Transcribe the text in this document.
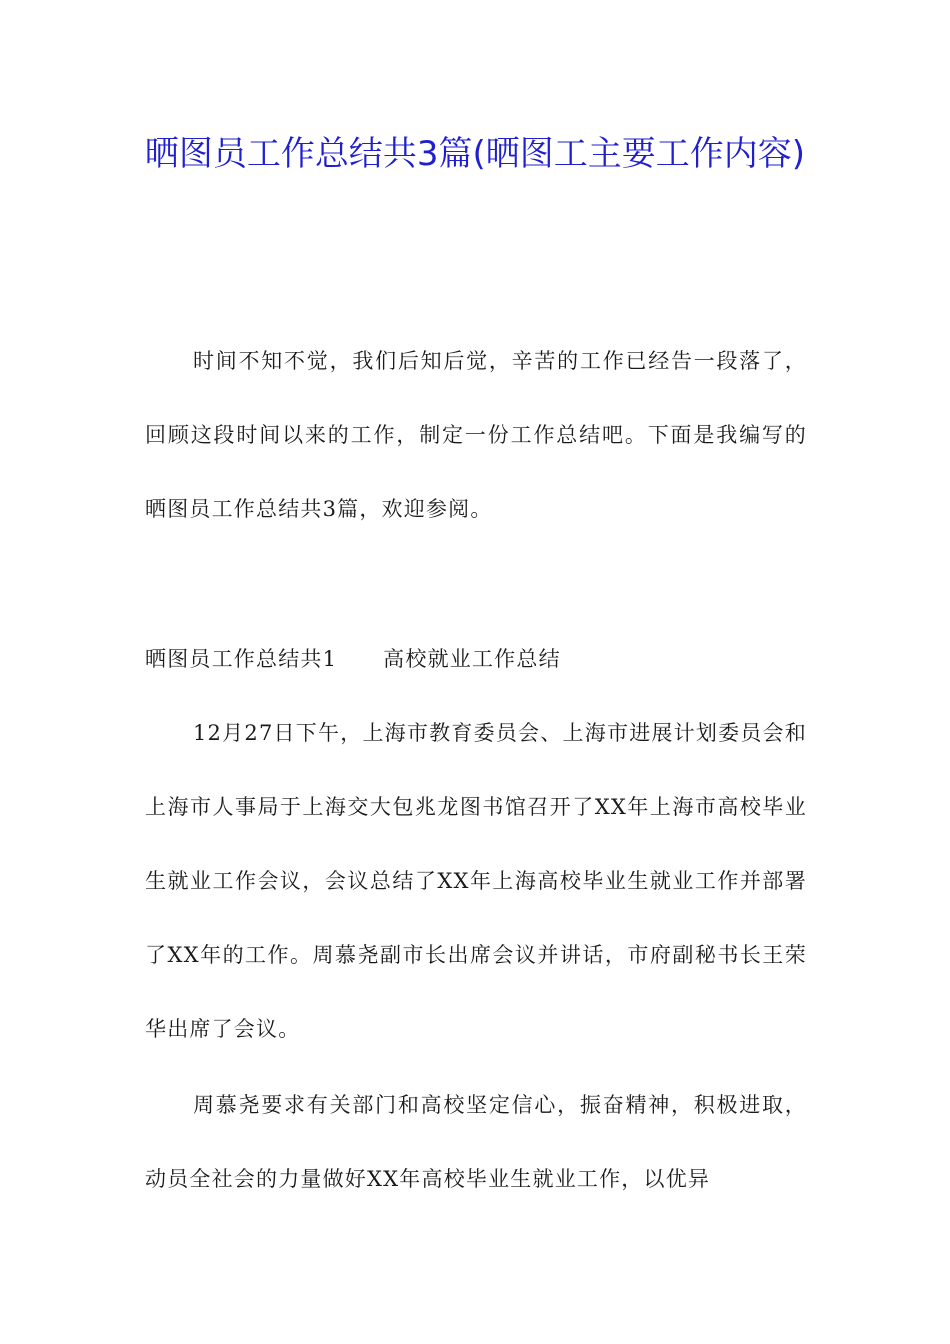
晒图员工作总结共3篇(晒图工主要工作内容)

时间不知不觉，我们后知后觉，辛苦的工作已经告一段落了，回顾这段时间以来的工作，制定一份工作总结吧。下面是我编写的晒图员工作总结共3篇，欢迎参阅。

晒图员工作总结共1 高校就业工作总结

12月27日下午，上海市教育委员会、上海市进展计划委员会和上海市人事局于上海交大包兆龙图书馆召开了XX年上海市高校毕业生就业工作会议，会议总结了XX年上海高校毕业生就业工作并部署了XX年的工作。周慕尧副市长出席会议并讲话，市府副秘书长王荣华出席了会议。

周慕尧要求有关部门和高校坚定信心，振奋精神，积极进取，动员全社会的力量做好XX年高校毕业生就业工作，以优异
